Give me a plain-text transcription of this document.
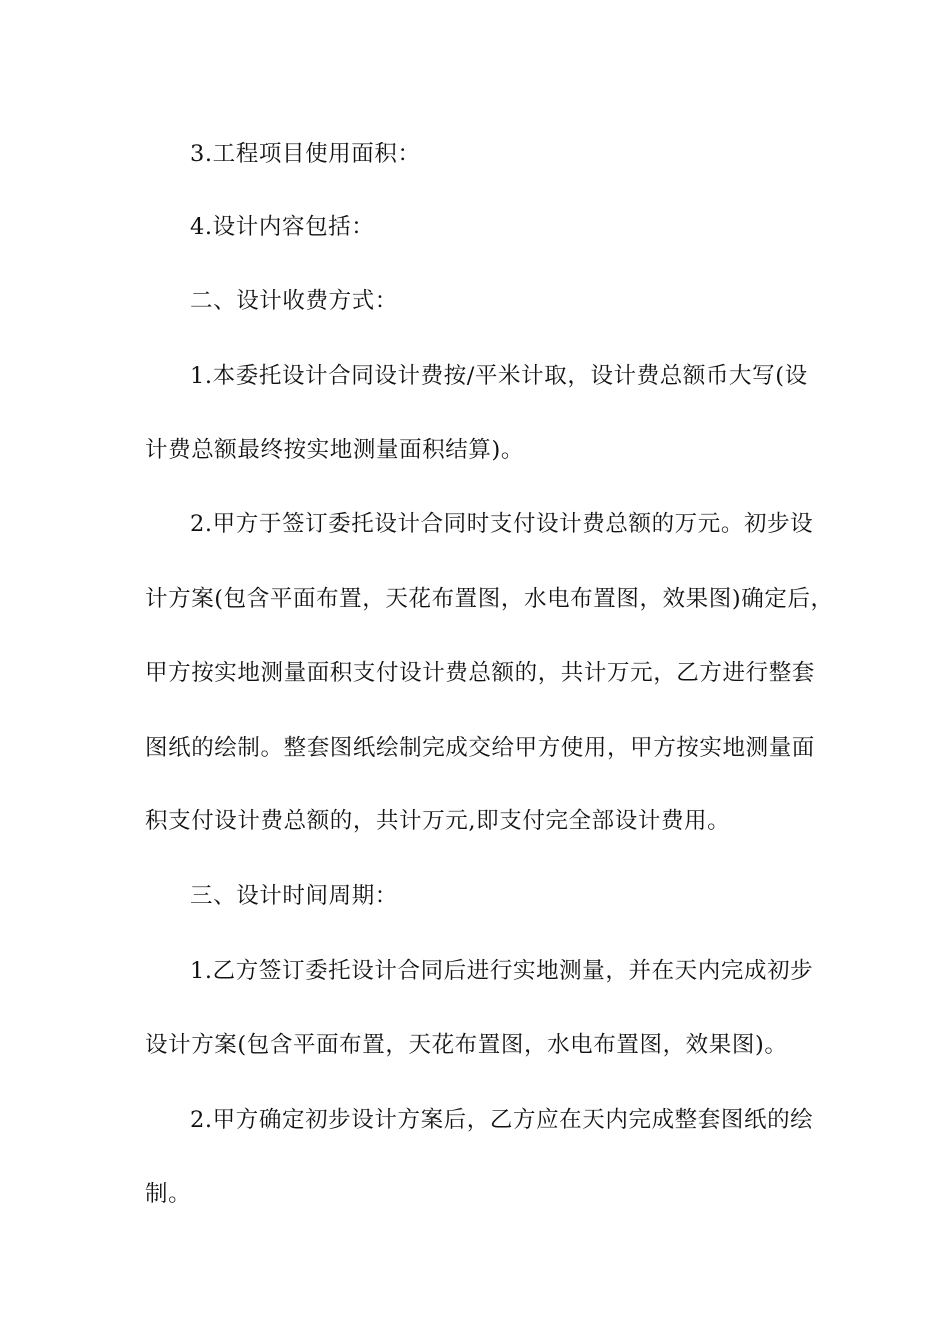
3.工程项目使用面积：
4.设计内容包括：
二、设计收费方式：
1.本委托设计合同设计费按/平米计取，设计费总额币大写(设
计费总额最终按实地测量面积结算)。
2.甲方于签订委托设计合同时支付设计费总额的万元。初步设
计方案(包含平面布置，天花布置图，水电布置图，效果图)确定后，
甲方按实地测量面积支付设计费总额的，共计万元，乙方进行整套
图纸的绘制。整套图纸绘制完成交给甲方使用，甲方按实地测量面
积支付设计费总额的，共计万元,即支付完全部设计费用。
三、设计时间周期：
1.乙方签订委托设计合同后进行实地测量，并在天内完成初步
设计方案(包含平面布置，天花布置图，水电布置图，效果图)。
2.甲方确定初步设计方案后，乙方应在天内完成整套图纸的绘
制。
